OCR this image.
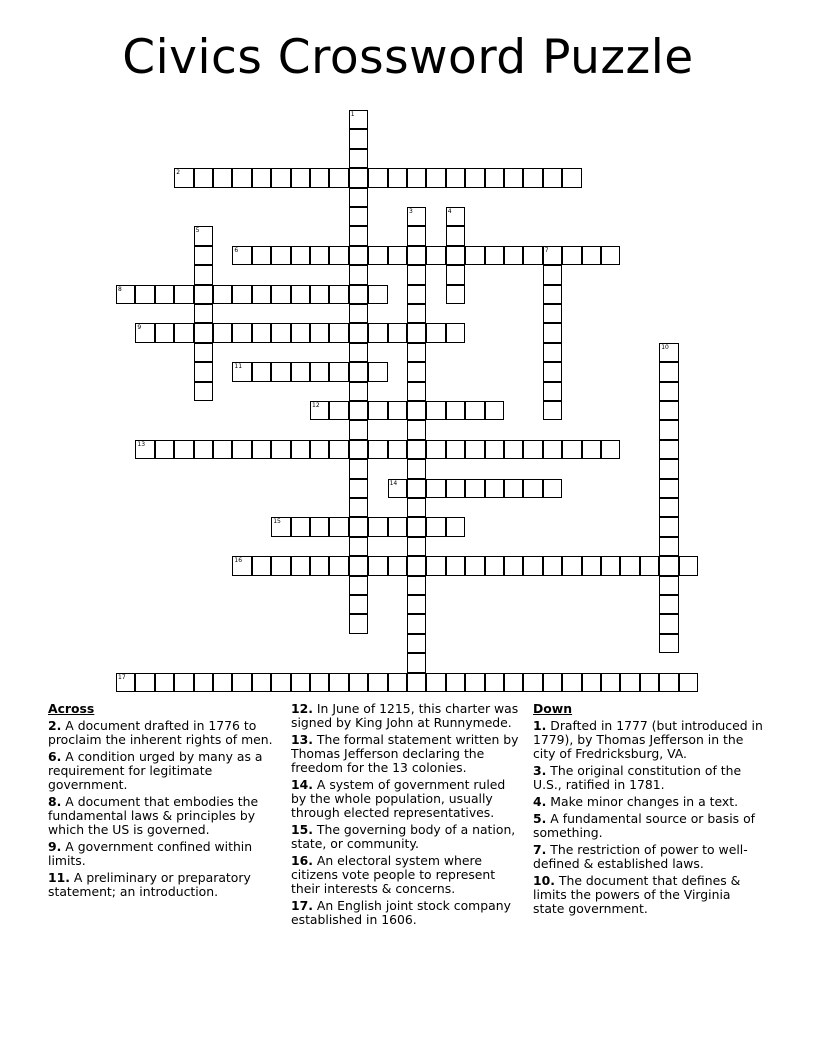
Civics Crossword Puzzle
1
2
3	4
5
6	7
8
9
10
11
12
13
14
15
16
17
Across
2. A document drafted in 1776 to proclaim the inherent rights of men.
6. A condition urged by many as a requirement for legitimate government.
8. A document that embodies the fundamental laws & principles by which the US is governed.
9. A government confined within limits.
11. A preliminary or preparatory statement; an introduction.
12. In June of 1215, this charter was signed by King John at Runnymede.
13. The formal statement written by Thomas Jefferson declaring the freedom for the 13 colonies.
14. A system of government ruled by the whole population, usually through elected representatives.
15. The governing body of a nation, state, or community.
16. An electoral system where citizens vote people to represent their interests & concerns.
17. An English joint stock company established in 1606.
Down
1. Drafted in 1777 (but introduced in 1779), by Thomas Jefferson in the city of Fredricksburg, VA.
3. The original constitution of the U.S., ratified in 1781.
4. Make minor changes in a text.
5. A fundamental source or basis of something.
7. The restriction of power to well-defined & established laws.
10. The document that defines & limits the powers of the Virginia state government.
